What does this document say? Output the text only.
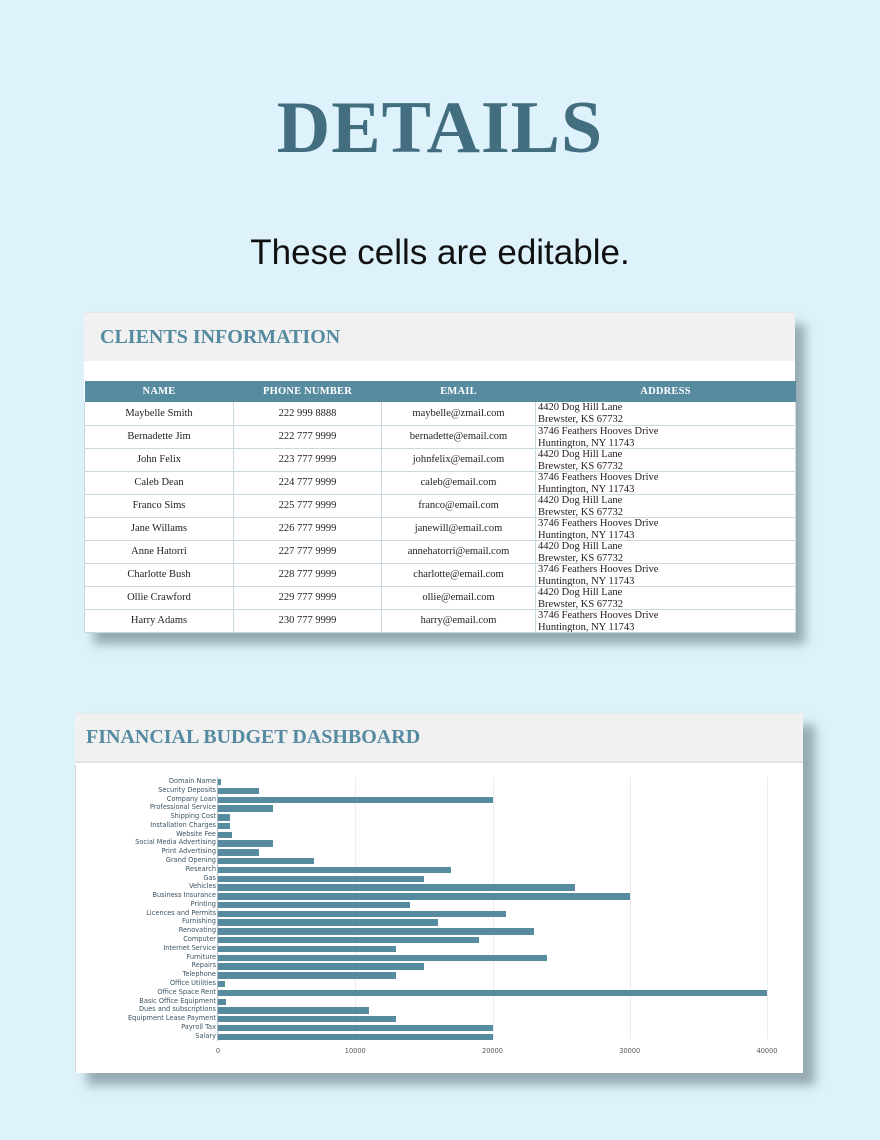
DETAILS
These cells are editable.
CLIENTS INFORMATION
NAME	PHONE NUMBER	EMAIL	ADDRESS
Maybelle Smith	222 999 8888	maybelle@zmail.com	4420 Dog Hill Lane
Brewster, KS 67732

Bernadette Jim	222 777 9999	bernadette@email.com	3746 Feathers Hooves Drive
Huntington, NY 11743

John Felix	223 777 9999	johnfelix@email.com	4420 Dog Hill Lane
Brewster, KS 67732

Caleb Dean	224 777 9999	caleb@email.com	3746 Feathers Hooves Drive
Huntington, NY 11743

Franco Sims	225 777 9999	franco@email.com	4420 Dog Hill Lane
Brewster, KS 67732

Jane Willams	226 777 9999	janewill@email.com	3746 Feathers Hooves Drive
Huntington, NY 11743

Anne Hatorri	227 777 9999	annehatorri@email.com	4420 Dog Hill Lane
Brewster, KS 67732

Charlotte Bush	228 777 9999	charlotte@email.com	3746 Feathers Hooves Drive
Huntington, NY 11743

Ollie Crawford	229 777 9999	ollie@email.com	4420 Dog Hill Lane
Brewster, KS 67732

Harry Adams	230 777 9999	harry@email.com	3746 Feathers Hooves Drive
Huntington, NY 11743
FINANCIAL BUDGET DASHBOARD
0	10000	20000	30000	40000
Domain Name
Security Deposits
Company Loan
Professional Service
Shipping Cost
Installation Charges
Website Fee
Social Media Advertising
Print Advertising
Grand Opening
Research
Gas
Vehicles
Business Insurance
Printing
Licences and Permits
Furnishing
Renovating
Computer
Internet Service
Furniture
Repairs
Telephone
Office Utilities
Office Space Rent
Basic Office Equipment
Dues and subscriptions
Equipment Lease Payment
Payroll Tax
Salary
